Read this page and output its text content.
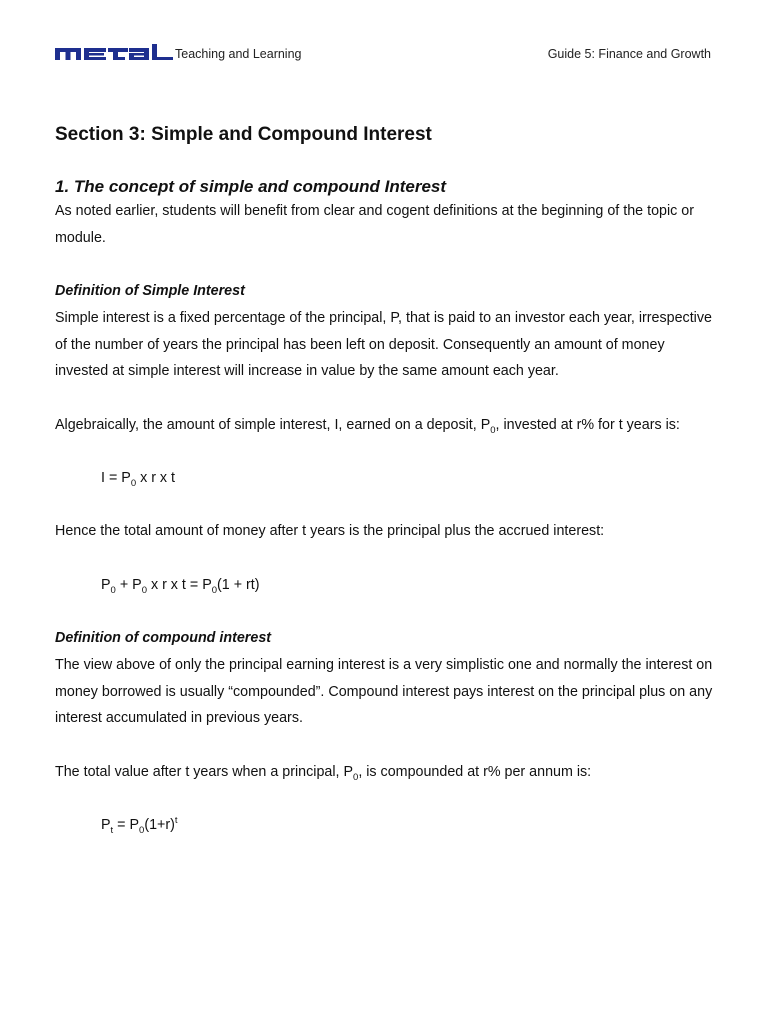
Teaching and Learning	Guide 5: Finance and Growth
Section 3: Simple and Compound Interest
1. The concept of simple and compound Interest

As noted earlier, students will benefit from clear and cogent definitions at the beginning of the topic or module.

Definition of Simple Interest

Simple interest is a fixed percentage of the principal, P, that is paid to an investor each year, irrespective of the number of years the principal has been left on deposit. Consequently an amount of money invested at simple interest will increase in value by the same amount each year.

Algebraically, the amount of simple interest, I, earned on a deposit, $P_0$, invested at r% for t years is:

$I = P_0$ x r x t

Hence the total amount of money after t years is the principal plus the accrued interest:

$P_0 + P_0$ x r x $t = P_0(1 + rt)$
Definition of compound interest

The view above of only the principal earning interest is a very simplistic one and normally the interest on money borrowed is usually “compounded”. Compound interest pays interest on the principal plus on any interest accumulated in previous years.

The total value after t years when a principal, $P_0$, is compounded at r% per annum is:

$P_t = P_0(1+r)^t$
